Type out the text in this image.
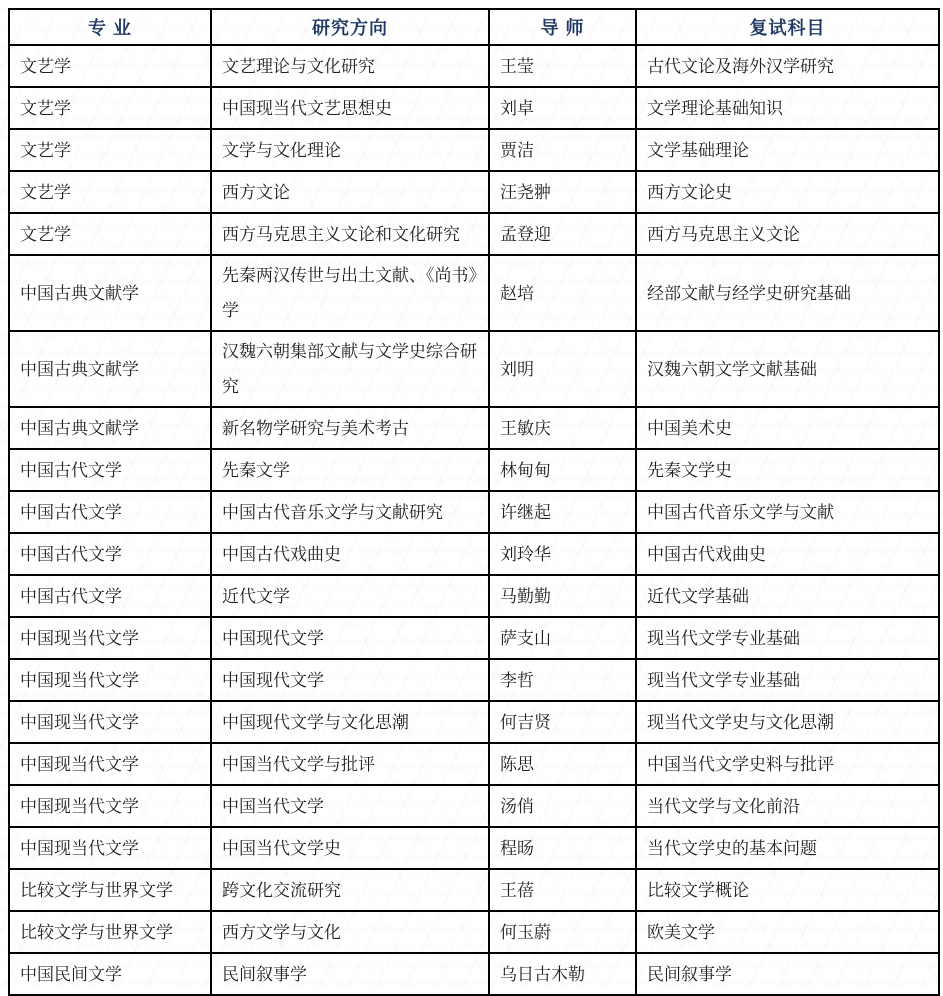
专 业	研究方向	导 师	复试科目
文艺学	文艺理论与文化研究	王莹	古代文论及海外汉学研究
文艺学	中国现当代文艺思想史	刘卓	文学理论基础知识
文艺学	文学与文化理论	贾洁	文学基础理论
文艺学	西方文论	汪尧翀	西方文论史
文艺学	西方马克思主义文论和文化研究	孟登迎	西方马克思主义文论
中国古典文献学	先秦两汉传世与出土文献、《尚书》学	赵培	经部文献与经学史研究基础
中国古典文献学	汉魏六朝集部文献与文学史综合研究	刘明	汉魏六朝文学文献基础
中国古典文献学	新名物学研究与美术考古	王敏庆	中国美术史
中国古代文学	先秦文学	林甸甸	先秦文学史
中国古代文学	中国古代音乐文学与文献研究	许继起	中国古代音乐文学与文献
中国古代文学	中国古代戏曲史	刘玲华	中国古代戏曲史
中国古代文学	近代文学	马勤勤	近代文学基础
中国现当代文学	中国现代文学	萨支山	现当代文学专业基础
中国现当代文学	中国现代文学	李哲	现当代文学专业基础
中国现当代文学	中国现代文学与文化思潮	何吉贤	现当代文学史与文化思潮
中国现当代文学	中国当代文学与批评	陈思	中国当代文学史料与批评
中国现当代文学	中国当代文学	汤俏	当代文学与文化前沿
中国现当代文学	中国当代文学史	程旸	当代文学史的基本问题
比较文学与世界文学	跨文化交流研究	王蓓	比较文学概论
比较文学与世界文学	西方文学与文化	何玉蔚	欧美文学
中国民间文学	民间叙事学	乌日古木勒	民间叙事学
